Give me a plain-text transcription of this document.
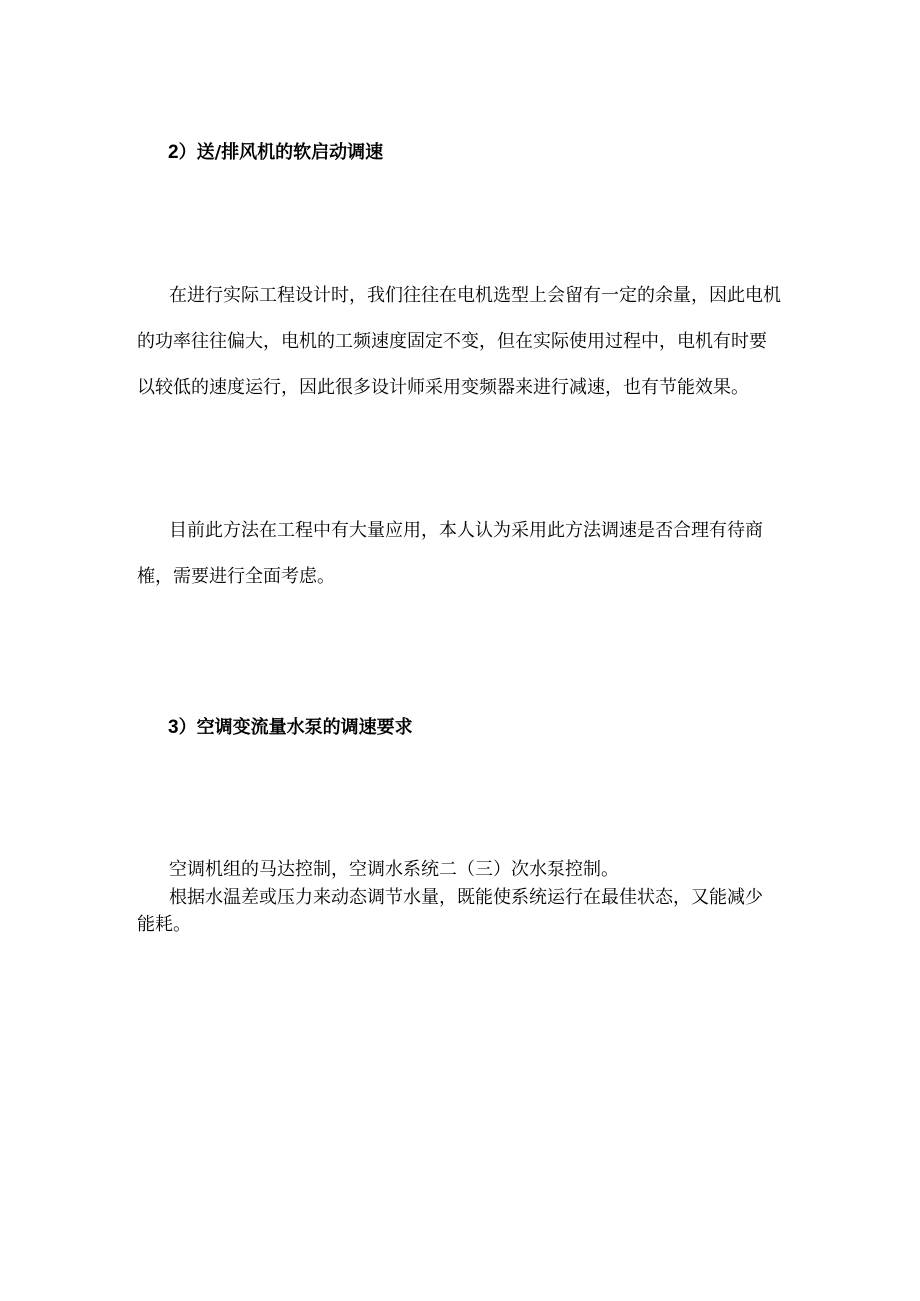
2）送/排风机的软启动调速
在进行实际工程设计时，我们往往在电机选型上会留有一定的余量，因此电机
的功率往往偏大，电机的工频速度固定不变，但在实际使用过程中，电机有时要
以较低的速度运行，因此很多设计师采用变频器来进行减速，也有节能效果。
目前此方法在工程中有大量应用，本人认为采用此方法调速是否合理有待商
榷，需要进行全面考虑。
3）空调变流量水泵的调速要求
空调机组的马达控制，空调水系统二（三）次水泵控制。
根据水温差或压力来动态调节水量，既能使系统运行在最佳状态，又能减少
能耗。
